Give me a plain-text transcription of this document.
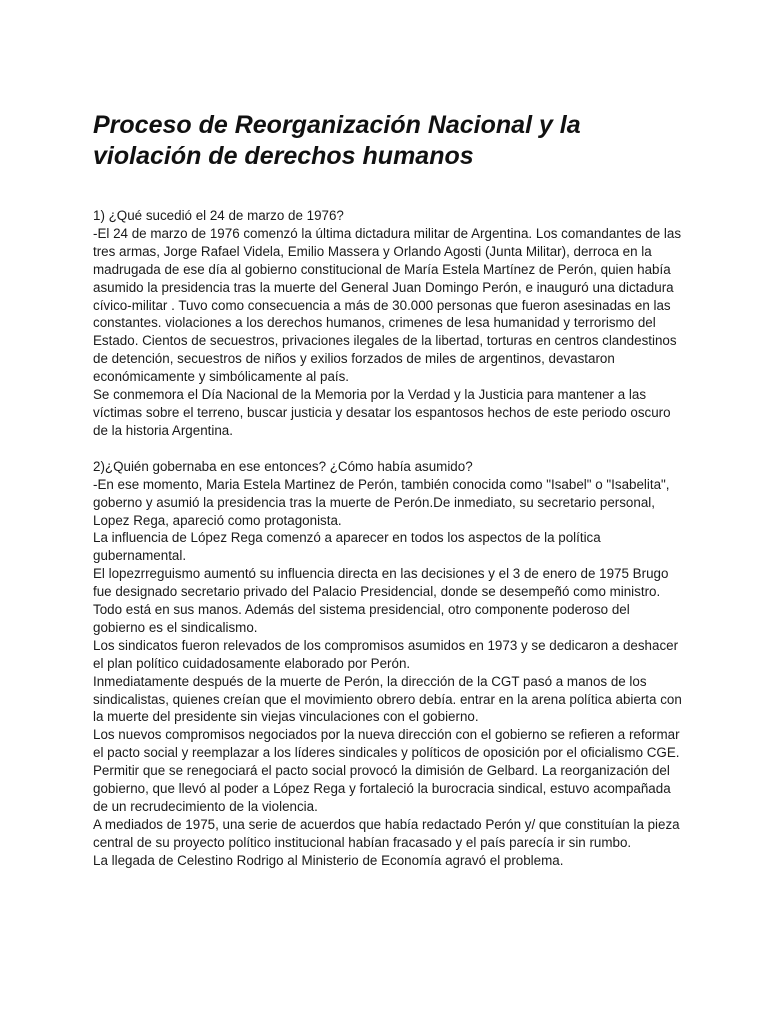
Proceso de Reorganización Nacional y la violación de derechos humanos

1) ¿Qué sucedió el 24 de marzo de 1976?

-El 24 de marzo de 1976 comenzó la última dictadura militar de Argentina. Los comandantes de las tres armas, Jorge Rafael Videla, Emilio Massera y Orlando Agosti (Junta Militar), derroca en la madrugada de ese día al gobierno constitucional de María Estela Martínez de Perón, quien había asumido la presidencia tras la muerte del General Juan Domingo Perón, e inauguró una dictadura cívico-militar . Tuvo como consecuencia a más de 30.000 personas que fueron asesinadas en las constantes. violaciones a los derechos humanos, crimenes de lesa humanidad y terrorismo del Estado. Cientos de secuestros, privaciones ilegales de la libertad, torturas en centros clandestinos de detención, secuestros de niños y exilios forzados de miles de argentinos, devastaron económicamente y simbólicamente al país.

Se conmemora el Día Nacional de la Memoria por la Verdad y la Justicia para mantener a las víctimas sobre el terreno, buscar justicia y desatar los espantosos hechos de este periodo oscuro de la historia Argentina.

2)¿Quién gobernaba en ese entonces? ¿Cómo había asumido?

-En ese momento, Maria Estela Martinez de Perón, también conocida como "Isabel" o "Isabelita", goberno y asumió la presidencia tras la muerte de Perón.De inmediato, su secretario personal, Lopez Rega, apareció como protagonista.

La influencia de López Rega comenzó a aparecer en todos los aspectos de la política gubernamental.

El lopezrreguismo aumentó su influencia directa en las decisiones y el 3 de enero de 1975 Brugo fue designado secretario privado del Palacio Presidencial, donde se desempeñó como ministro. Todo está en sus manos. Además del sistema presidencial, otro componente poderoso del gobierno es el sindicalismo.

Los sindicatos fueron relevados de los compromisos asumidos en 1973 y se dedicaron a deshacer el plan político cuidadosamente elaborado por Perón.

Inmediatamente después de la muerte de Perón, la dirección de la CGT pasó a manos de los sindicalistas, quienes creían que el movimiento obrero debía. entrar en la arena política abierta con la muerte del presidente sin viejas vinculaciones con el gobierno.

Los nuevos compromisos negociados por la nueva dirección con el gobierno se refieren a reformar el pacto social y reemplazar a los líderes sindicales y políticos de oposición por el oficialismo CGE.

Permitir que se renegociará el pacto social provocó la dimisión de Gelbard. La reorganización del gobierno, que llevó al poder a López Rega y fortaleció la burocracia sindical, estuvo acompañada de un recrudecimiento de la violencia.

A mediados de 1975, una serie de acuerdos que había redactado Perón y/ que constituían la pieza central de su proyecto político institucional habían fracasado y el país parecía ir sin rumbo.

La llegada de Celestino Rodrigo al Ministerio de Economía agravó el problema.
